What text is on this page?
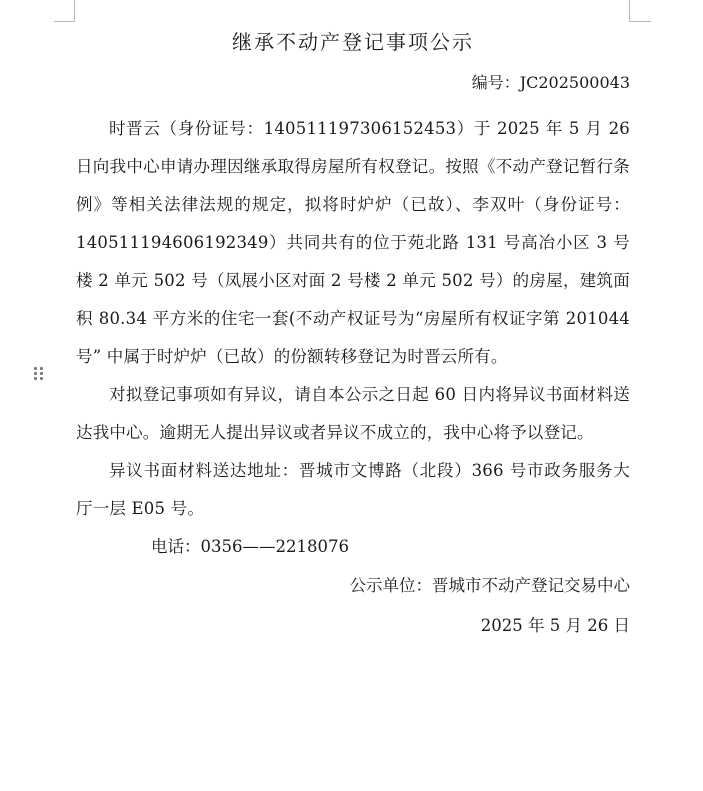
继承不动产登记事项公示

编号：JC202500043

时晋云（身份证号：140511197306152453）于 2025 年 5 月 26 日向我中心申请办理因继承取得房屋所有权登记。按照《不动产登记暂行条例》等相关法律法规的规定，拟将时炉炉（已故）、李双叶（身份证号：140511194606192349）共同共有的位于苑北路 131 号高冶小区 3 号楼 2 单元 502 号（凤展小区对面 2 号楼 2 单元 502 号）的房屋，建筑面积 80.34 平方米的住宅一套(不动产权证号为“房屋所有权证字第 201044 号” 中属于时炉炉（已故）的份额转移登记为时晋云所有。

对拟登记事项如有异议，请自本公示之日起 60 日内将异议书面材料送达我中心。逾期无人提出异议或者异议不成立的，我中心将予以登记。

异议书面材料送达地址：晋城市文博路（北段）366 号市政务服务大厅一层 E05 号。

电话：0356——2218076

公示单位：晋城市不动产登记交易中心

2025 年 5 月 26 日
